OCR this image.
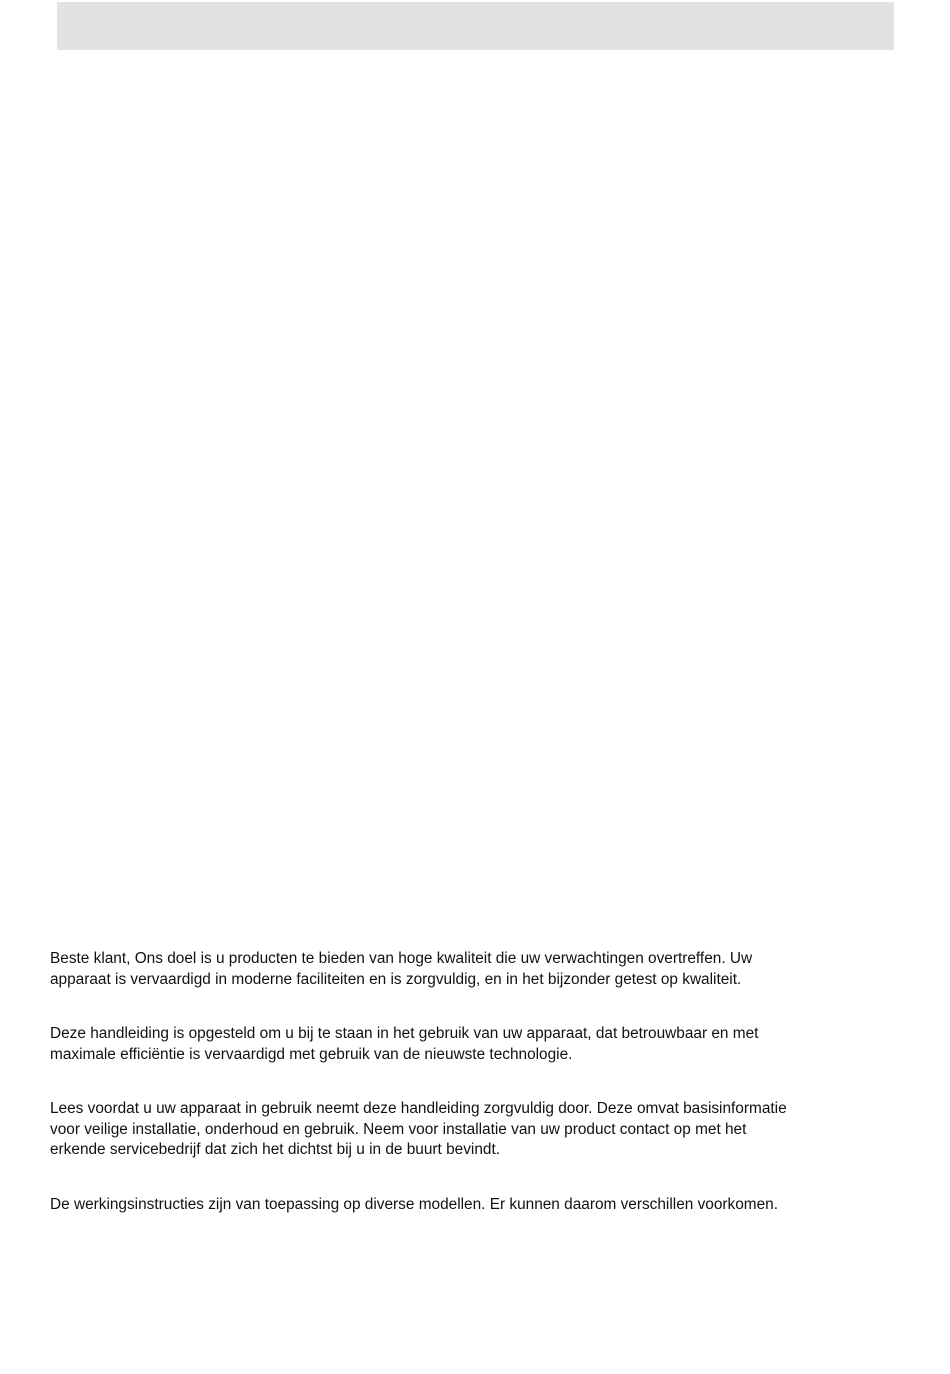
Beste klant, Ons doel is u producten te bieden van hoge kwaliteit die uw verwachtingen overtreffen. Uw
apparaat is vervaardigd in moderne faciliteiten en is zorgvuldig, en in het bijzonder getest op kwaliteit.

Deze handleiding is opgesteld om u bij te staan in het gebruik van uw apparaat, dat betrouwbaar en met
maximale efficiëntie is vervaardigd met gebruik van de nieuwste technologie.

Lees voordat u uw apparaat in gebruik neemt deze handleiding zorgvuldig door. Deze omvat basisinformatie
voor veilige installatie, onderhoud en gebruik. Neem voor installatie van uw product contact op met het
erkende servicebedrijf dat zich het dichtst bij u in de buurt bevindt.

De werkingsinstructies zijn van toepassing op diverse modellen. Er kunnen daarom verschillen voorkomen.
